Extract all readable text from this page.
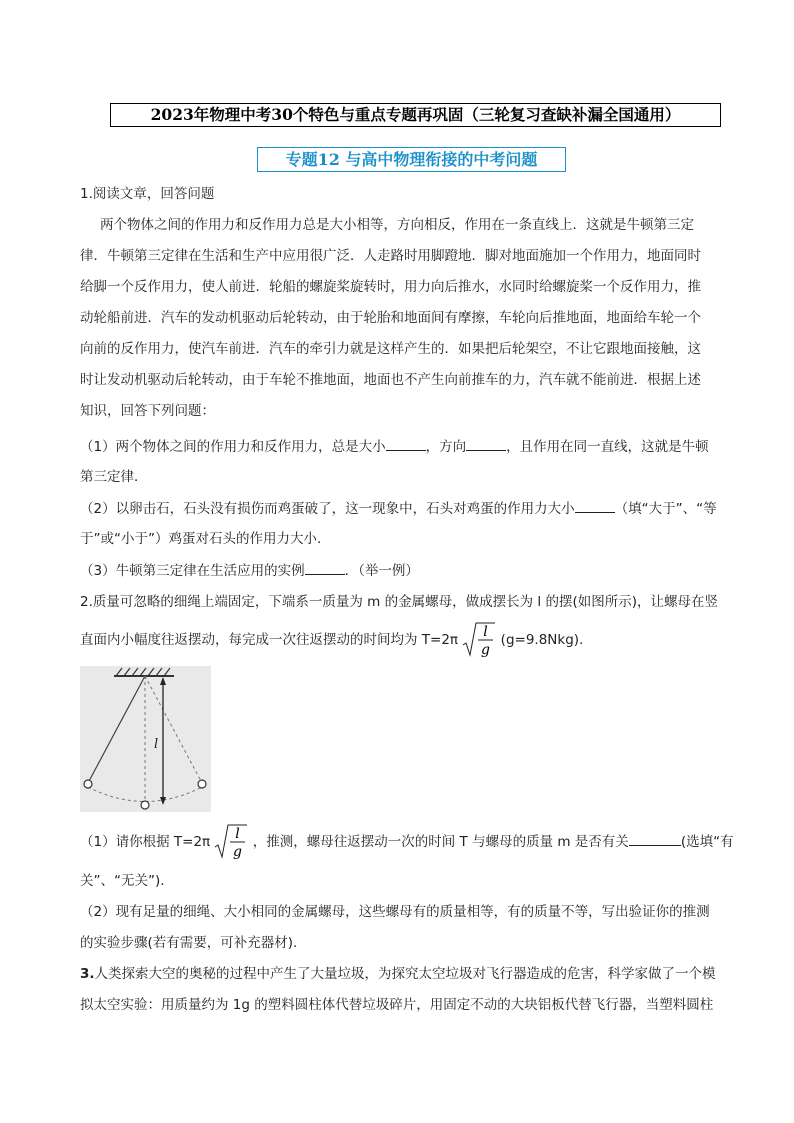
2023年物理中考30个特色与重点专题再巩固（三轮复习查缺补漏全国通用）
专题12 与高中物理衔接的中考问题
1.阅读文章，回答问题
两个物体之间的作用力和反作用力总是大小相等，方向相反，作用在一条直线上．这就是牛顿第三定
律．牛顿第三定律在生活和生产中应用很广泛．人走路时用脚蹬地．脚对地面施加一个作用力，地面同时
给脚一个反作用力，使人前进．轮船的螺旋桨旋转时，用力向后推水，水同时给螺旋桨一个反作用力，推
动轮船前进．汽车的发动机驱动后轮转动，由于轮胎和地面间有摩擦，车轮向后推地面，地面给车轮一个
向前的反作用力，使汽车前进．汽车的牵引力就是这样产生的．如果把后轮架空，不让它跟地面接触，这
时让发动机驱动后轮转动，由于车轮不推地面，地面也不产生向前推车的力，汽车就不能前进．根据上述
知识，回答下列问题：
（1）两个物体之间的作用力和反作用力，总是大小	，方向	，且作用在同一直线，这就是牛顿
第三定律．
（2）以卵击石，石头没有损伤而鸡蛋破了，这一现象中，石头对鸡蛋的作用力大小	（填“大于”、“等
于”或“小于”）鸡蛋对石头的作用力大小．
（3）牛顿第三定律在生活应用的实例	．（举一例）
2.质量可忽略的细绳上端固定，下端系一质量为 m 的金属螺母，做成摆长为 l 的摆(如图所示)，让螺母在竖
直面内小幅度往返摆动，每完成一次往返摆动的时间均为 T=2π l
g
(g=9.8Nkg).
l
（1）请你根据 T=2π l
g
，推测，螺母往返摆动一次的时间 T 与螺母的质量 m 是否有关	(选填“有
关”、“无关”).
（2）现有足量的细绳、大小相同的金属螺母，这些螺母有的质量相等，有的质量不等，写出验证你的推测
的实验步骤(若有需要，可补充器材).
3.人类探索大空的奥秘的过程中产生了大量垃圾，为探究太空垃圾对飞行器造成的危害，科学家做了一个模
拟太空实验：用质量约为 1g 的塑料圆柱体代替垃圾碎片，用固定不动的大块铝板代替飞行器，当塑料圆柱
